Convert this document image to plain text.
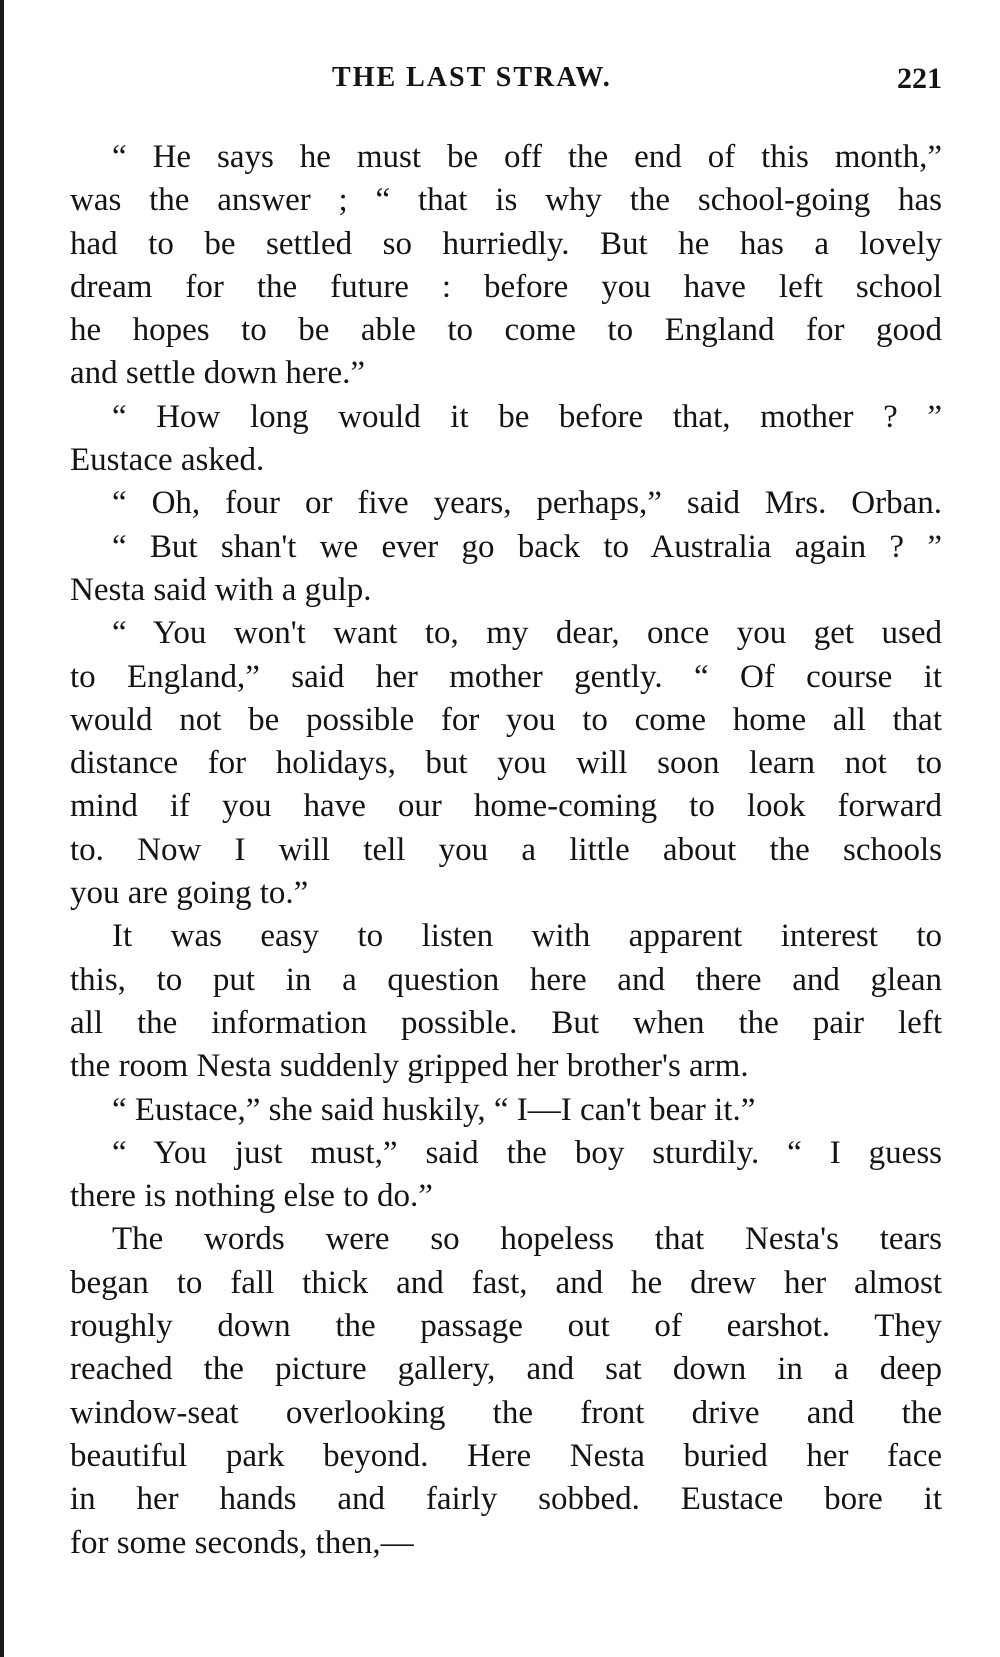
THE LAST STRAW.	221
“ He says he must be off the end of this month,”
was the answer ; “ that is why the school-going has
had to be settled so hurriedly. But he has a lovely
dream for the future : before you have left school
he hopes to be able to come to England for good
and settle down here.”
“ How long would it be before that, mother ? ”
Eustace asked.
“ Oh, four or five years, perhaps,” said Mrs. Orban.
“ But shan't we ever go back to Australia again ? ”
Nesta said with a gulp.
“ You won't want to, my dear, once you get used
to England,” said her mother gently. “ Of course it
would not be possible for you to come home all that
distance for holidays, but you will soon learn not to
mind if you have our home-coming to look forward
to. Now I will tell you a little about the schools
you are going to.”
It was easy to listen with apparent interest to
this, to put in a question here and there and glean
all the information possible. But when the pair left
the room Nesta suddenly gripped her brother's arm.
“ Eustace,” she said huskily, “ I—I can't bear it.”
“ You just must,” said the boy sturdily. “ I guess
there is nothing else to do.”
The words were so hopeless that Nesta's tears
began to fall thick and fast, and he drew her almost
roughly down the passage out of earshot. They
reached the picture gallery, and sat down in a deep
window-seat overlooking the front drive and the
beautiful park beyond. Here Nesta buried her face
in her hands and fairly sobbed. Eustace bore it
for some seconds, then,—
